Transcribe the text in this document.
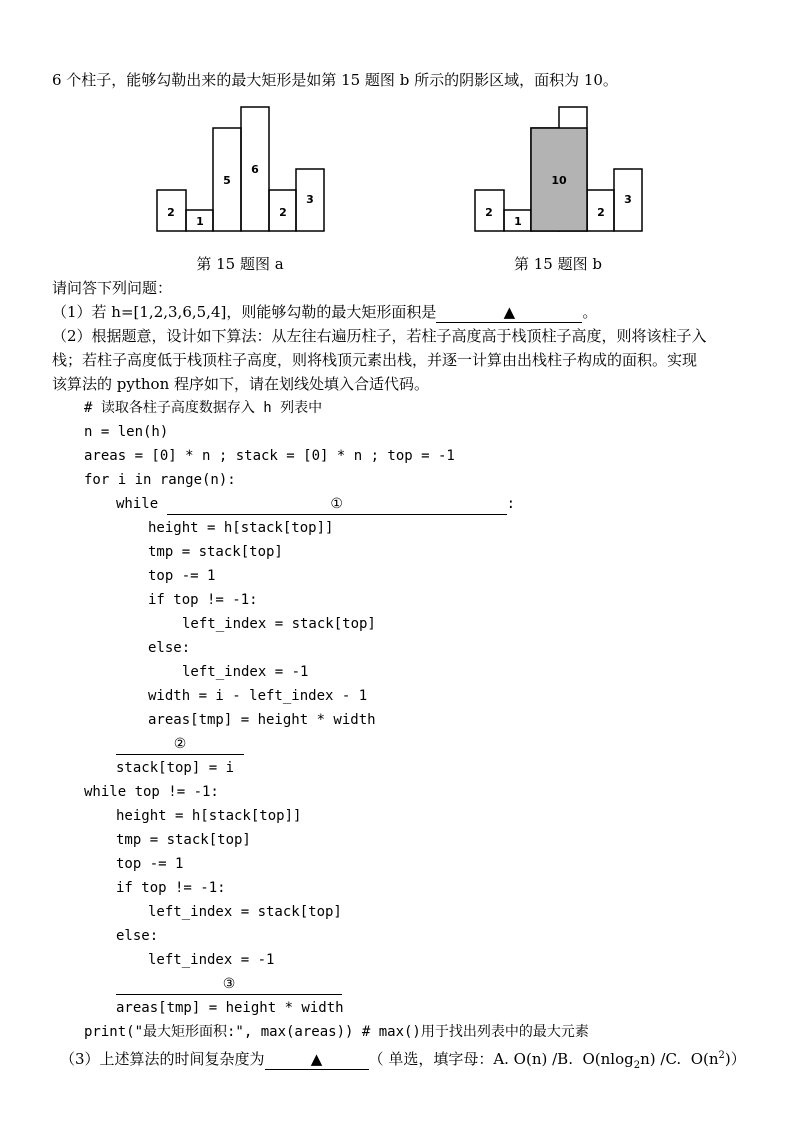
6 个柱子，能够勾勒出来的最大矩形是如第 15 题图 b 所示的阴影区域，面积为 10。
2
1
5
6
2
3
第 15 题图 a
10
2
1
2
3
第 15 题图 b
请问答下列问题：
（1）若 h=[1,2,3,6,5,4]，则能够勾勒的最大矩形面积是	▲	。
（2）根据题意，设计如下算法：从左往右遍历柱子，若柱子高度高于栈顶柱子高度，则将该柱子入
栈；若柱子高度低于栈顶柱子高度，则将栈顶元素出栈，并逐一计算由出栈柱子构成的面积。实现
该算法的 python 程序如下，请在划线处填入合适代码。
# 读取各柱子高度数据存入 h 列表中
n = len(h)
areas = [0] * n ; stack = [0] * n ; top = -1
for i in range(n):
while	①	:
height = h[stack[top]]
tmp = stack[top]
top -= 1
if top != -1:
left_index = stack[top]
else:
left_index = -1
width = i - left_index - 1
areas[tmp] = height * width
②
stack[top] = i
while top != -1:
height = h[stack[top]]
tmp = stack[top]
top -= 1
if top != -1:
left_index = stack[top]
else:
left_index = -1
③
areas[tmp] = height * width
print("最大矩形面积:", max(areas)) # max()用于找出列表中的最大元素
（3）上述算法的时间复杂度为	▲	（ 单选，填字母：A. O(n) /B.  O(nlog$_2$n) /C.  $O(n^2)$）
